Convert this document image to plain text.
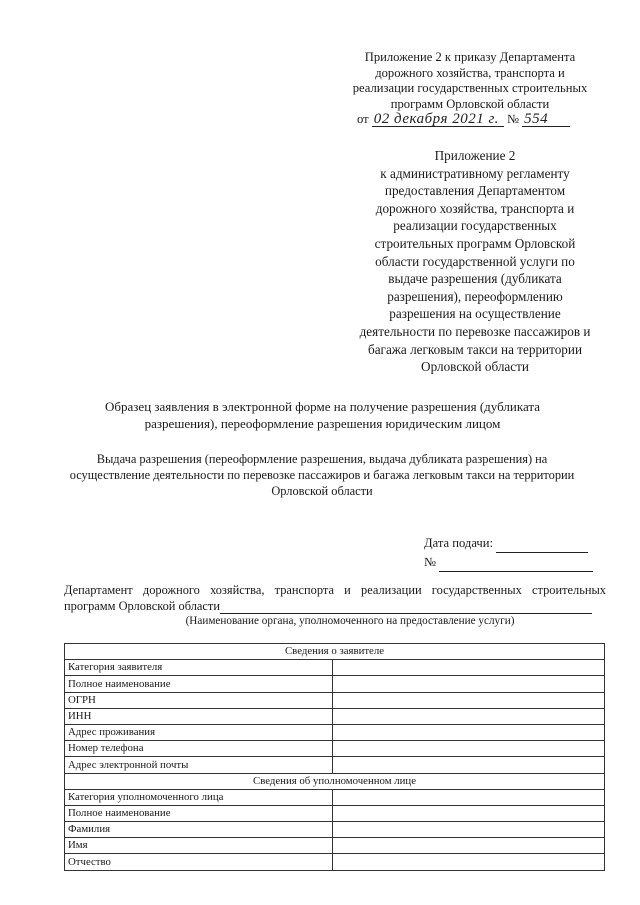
Приложение 2 к приказу Департамента
дорожного хозяйства, транспорта и
реализации государственных строительных
программ Орловской области
от 02 декабря 2021 г. № 554
Приложение 2
к административному регламенту
предоставления Департаментом
дорожного хозяйства, транспорта и
реализации государственных
строительных программ Орловской
области государственной услуги по
выдаче разрешения (дубликата
разрешения), переоформлению
разрешения на осуществление
деятельности по перевозке пассажиров и
багажа легковым такси на территории
Орловской области
Образец заявления в электронной форме на получение разрешения (дубликата
разрешения), переоформление разрешения юридическим лицом
Выдача разрешения (переоформление разрешения, выдача дубликата разрешения) на
осуществление деятельности по перевозке пассажиров и багажа легковым такси на территории
Орловской области
Дата подачи:
№
Департамент дорожного хозяйства, транспорта и реализации государственных строительных
программ Орловской области
(Наименование органа, уполномоченного на предоставление услуги)
Сведения о заявителе	
Категория заявителя	
Полное наименование	
ОГРН	
ИНН	
Адрес проживания	
Номер телефона	
Адрес электронной почты	
Сведения об уполномоченном лице	
Категория уполномоченного лица	
Полное наименование	
Фамилия	
Имя	
Отчество	
